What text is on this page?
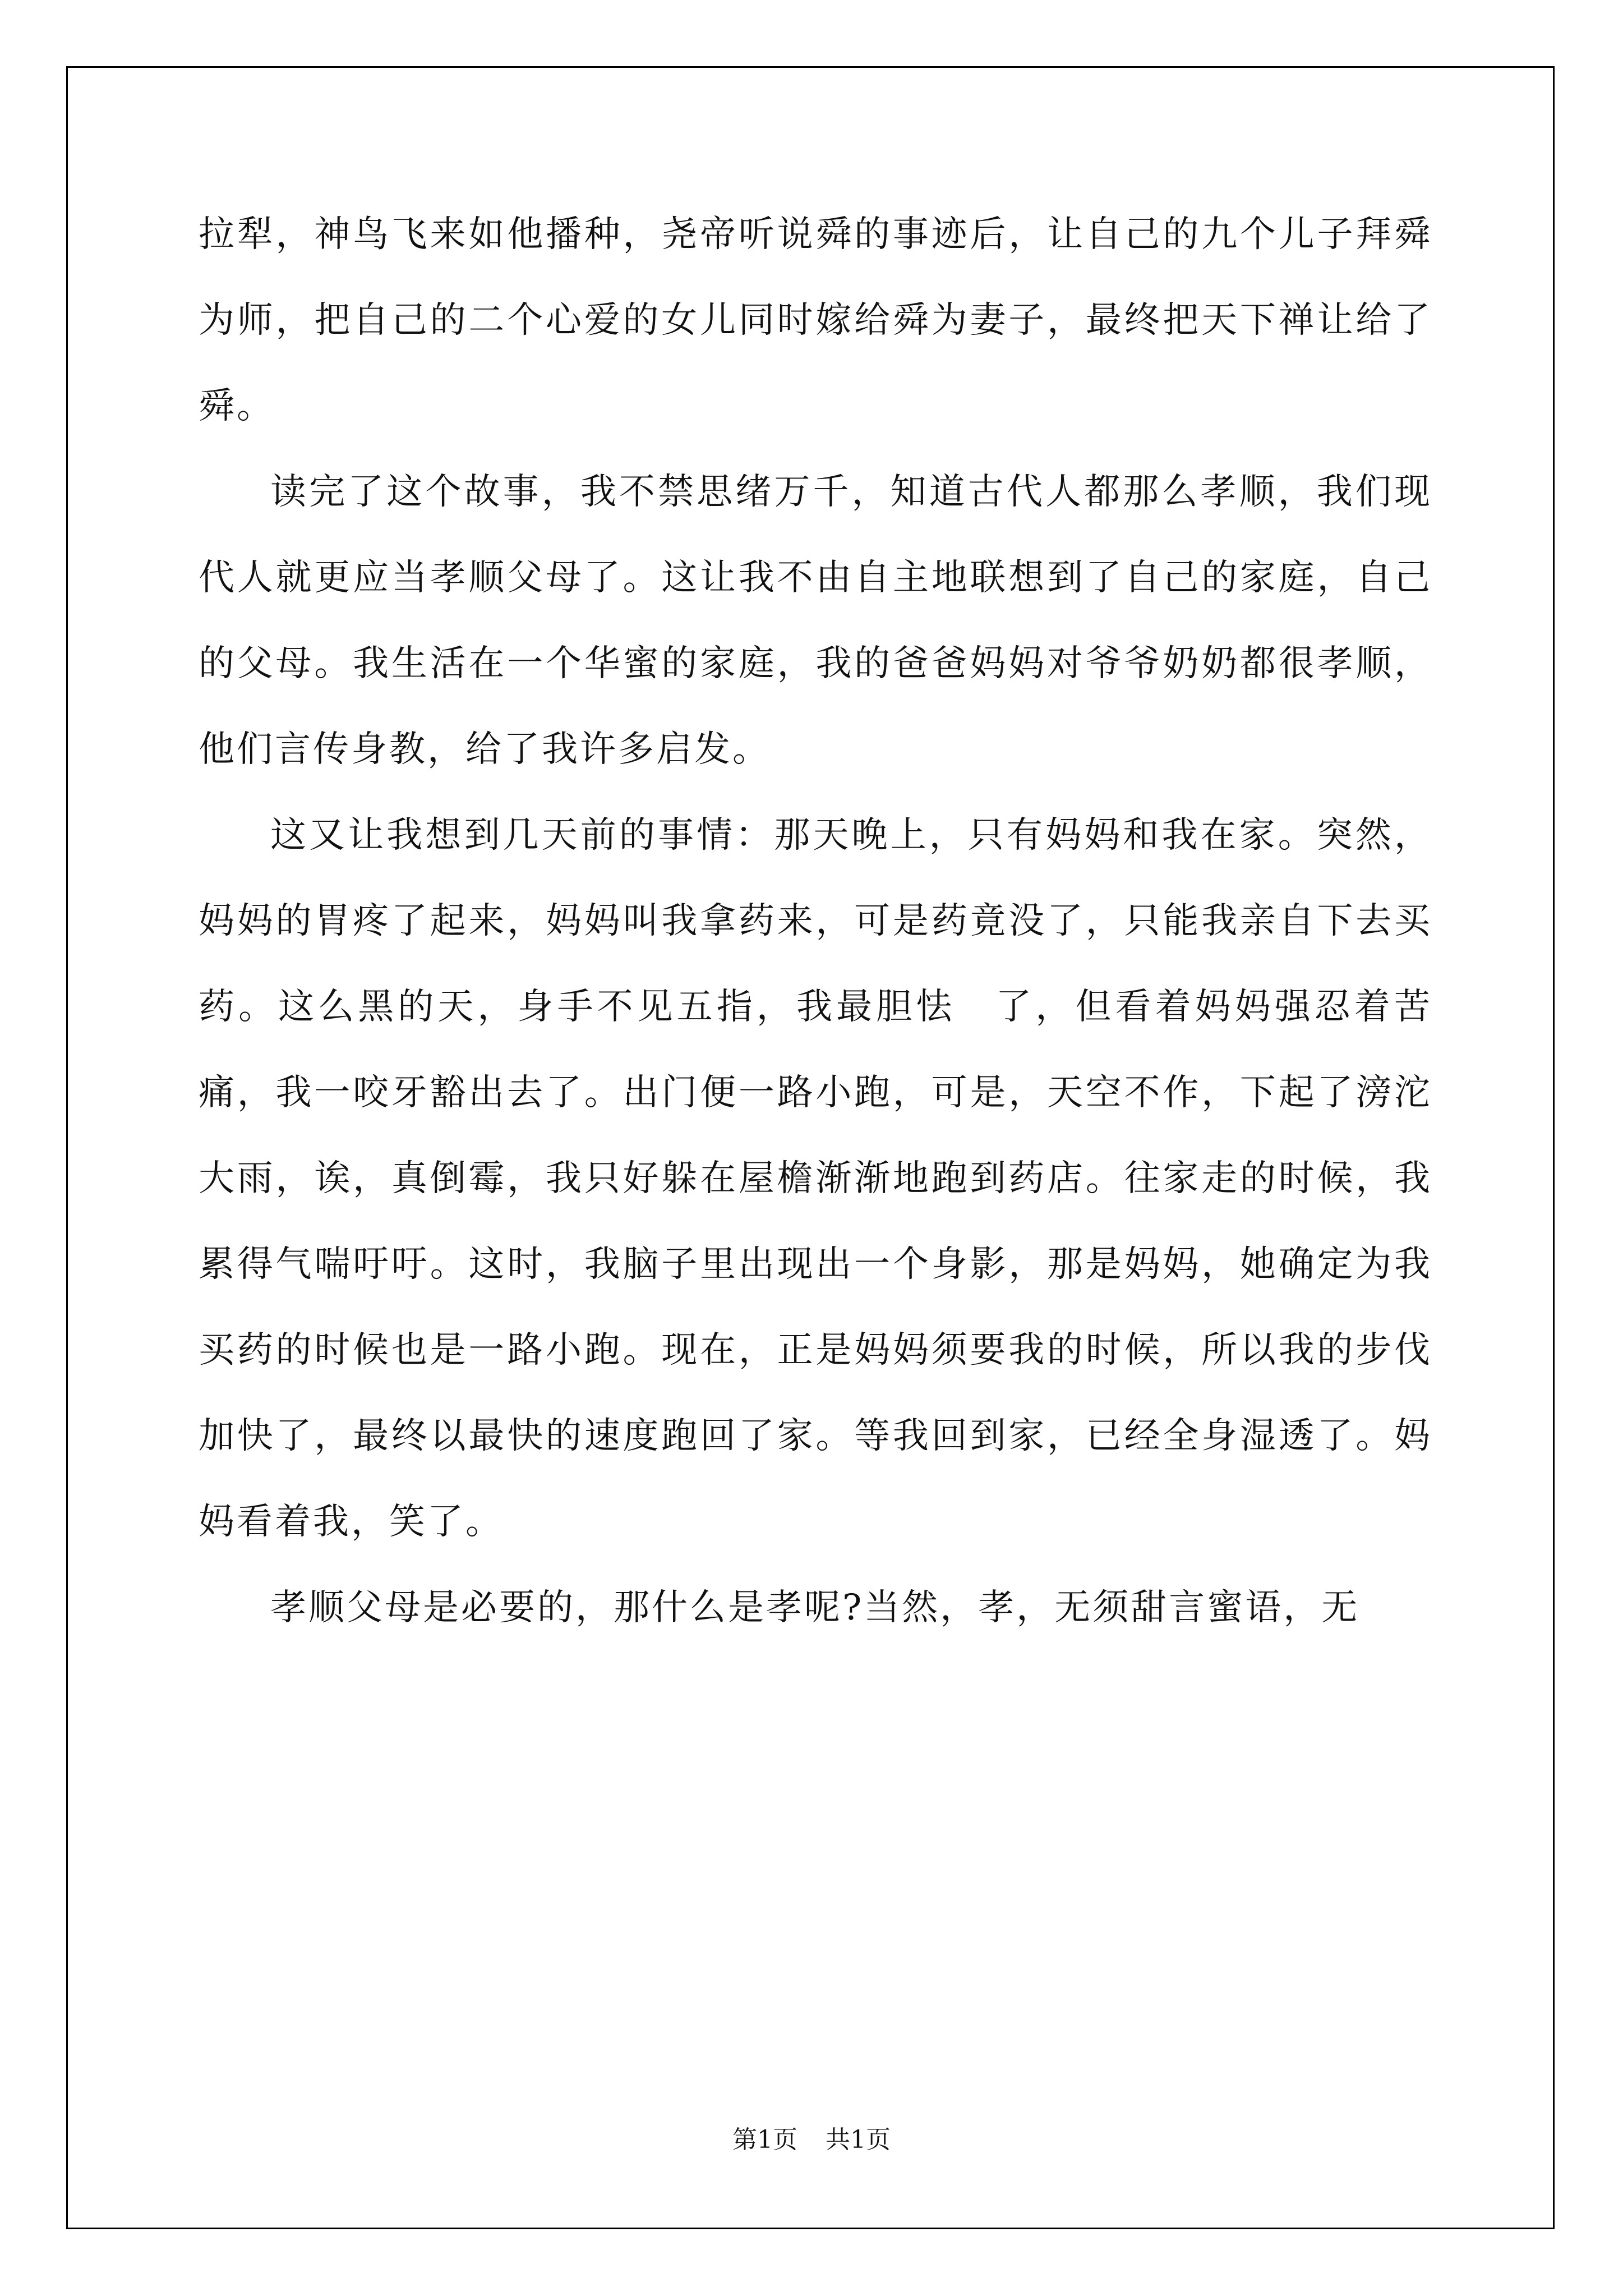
拉犁，神鸟飞来如他播种，尧帝听说舜的事迹后，让自己的九个儿子拜舜为师，把自己的二个心爱的女儿同时嫁给舜为妻子，最终把天下禅让给了舜。

读完了这个故事，我不禁思绪万千，知道古代人都那么孝顺，我们现代人就更应当孝顺父母了。这让我不由自主地联想到了自己的家庭，自己的父母。我生活在一个华蜜的家庭，我的爸爸妈妈对爷爷奶奶都很孝顺，他们言传身教，给了我许多启发。

这又让我想到几天前的事情：那天晚上，只有妈妈和我在家。突然，妈妈的胃疼了起来，妈妈叫我拿药来，可是药竟没了，只能我亲自下去买药。这么黑的天，身手不见五指，我最胆怯　了，但看着妈妈强忍着苦痛，我一咬牙豁出去了。出门便一路小跑，可是，天空不作，下起了滂沱大雨，诶，真倒霉，我只好躲在屋檐渐渐地跑到药店。往家走的时候，我累得气喘吁吁。这时，我脑子里出现出一个身影，那是妈妈，她确定为我买药的时候也是一路小跑。现在，正是妈妈须要我的时候，所以我的步伐加快了，最终以最快的速度跑回了家。等我回到家，已经全身湿透了。妈妈看着我，笑了。

孝顺父母是必要的，那什么是孝呢?当然，孝，无须甜言蜜语，无

第1页 共1页
